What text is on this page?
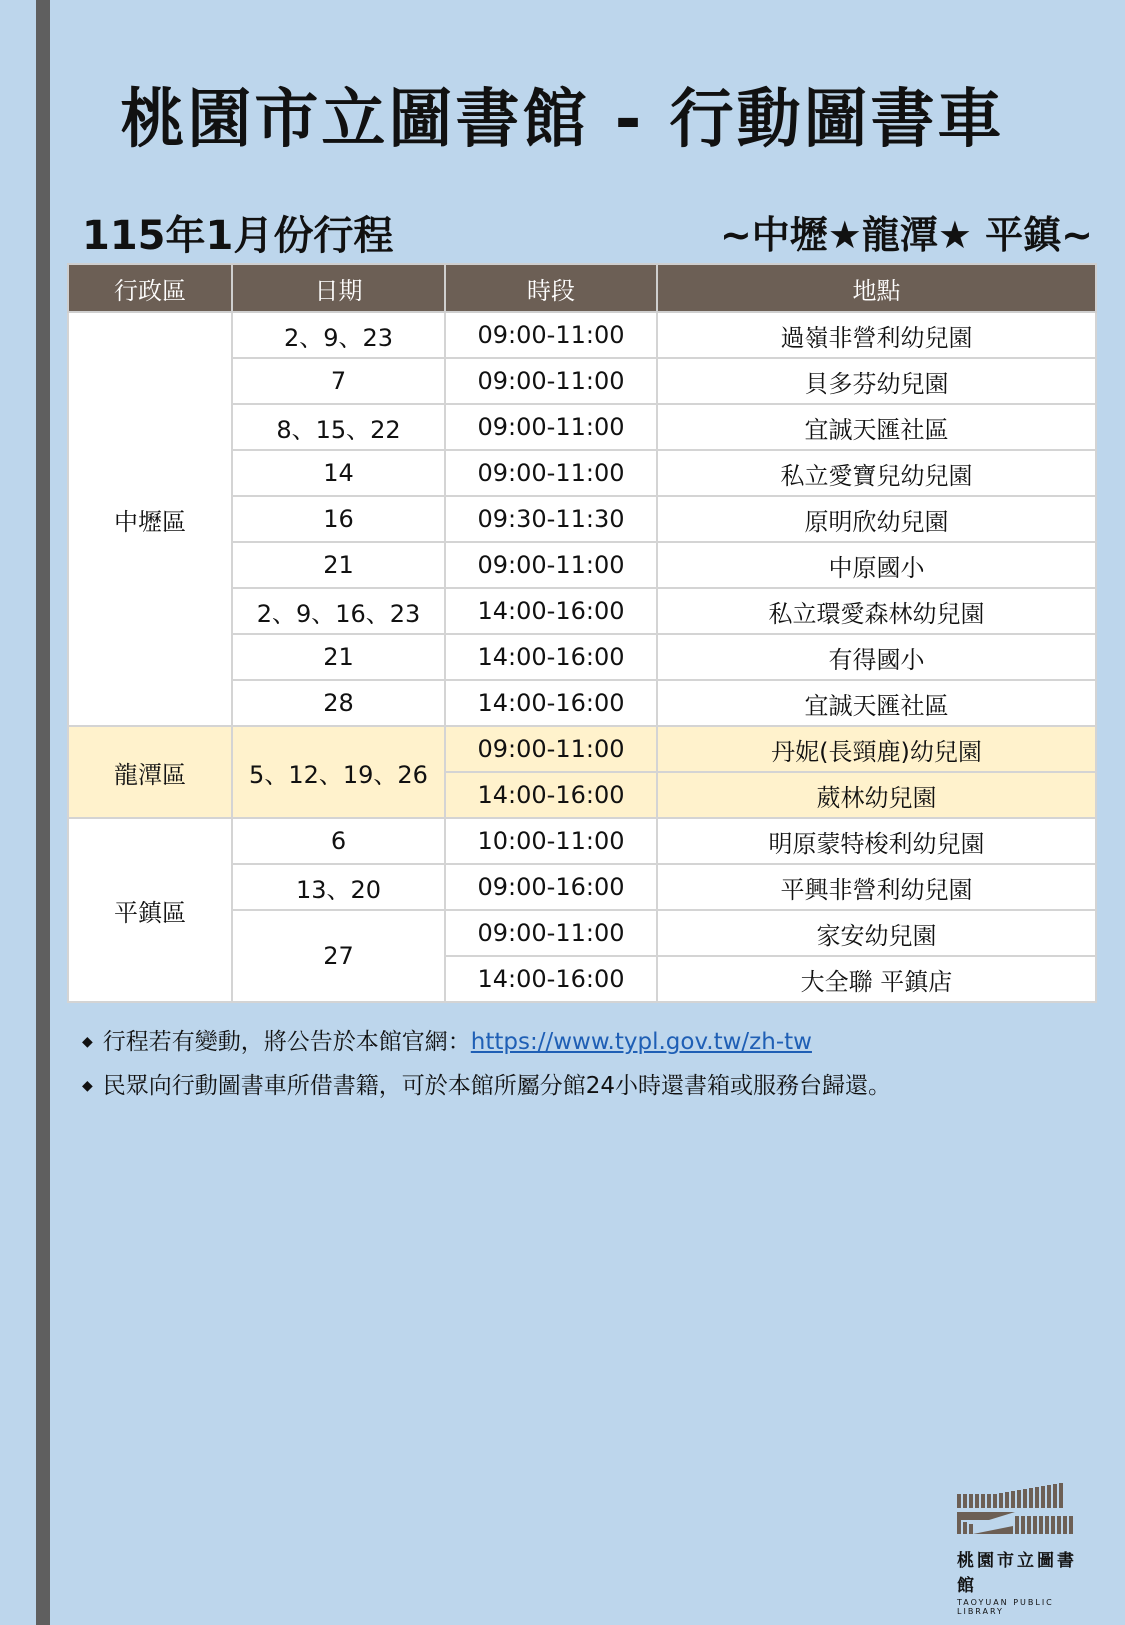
桃園市立圖書館 - 行動圖書車
115年1月份行程	~中壢★龍潭★ 平鎮~
行政區	日期	時段	地點
中壢區	2、9、23	09:00-11:00	過嶺非營利幼兒園
	7	09:00-11:00	貝多芬幼兒園
	8、15、22	09:00-11:00	宜誠天匯社區
	14	09:00-11:00	私立愛寶兒幼兒園
	16	09:30-11:30	原明欣幼兒園
	21	09:00-11:00	中原國小
	2、9、16、23	14:00-16:00	私立環愛森林幼兒園
	21	14:00-16:00	有得國小
	28	14:00-16:00	宜誠天匯社區
龍潭區	5、12、19、26	09:00-11:00	丹妮(長頸鹿)幼兒園
		14:00-16:00	葳林幼兒園
平鎮區	6	10:00-11:00	明原蒙特梭利幼兒園
	13、20	09:00-16:00	平興非營利幼兒園
	27	09:00-11:00	家安幼兒園
		14:00-16:00	大全聯 平鎮店
◆ 行程若有變動，將公告於本館官網： https://www.typl.gov.tw/zh-tw
◆ 民眾向行動圖書車所借書籍，可於本館所屬分館24小時還書箱或服務台歸還。
桃園市立圖書館
TAOYUAN PUBLIC LIBRARY
